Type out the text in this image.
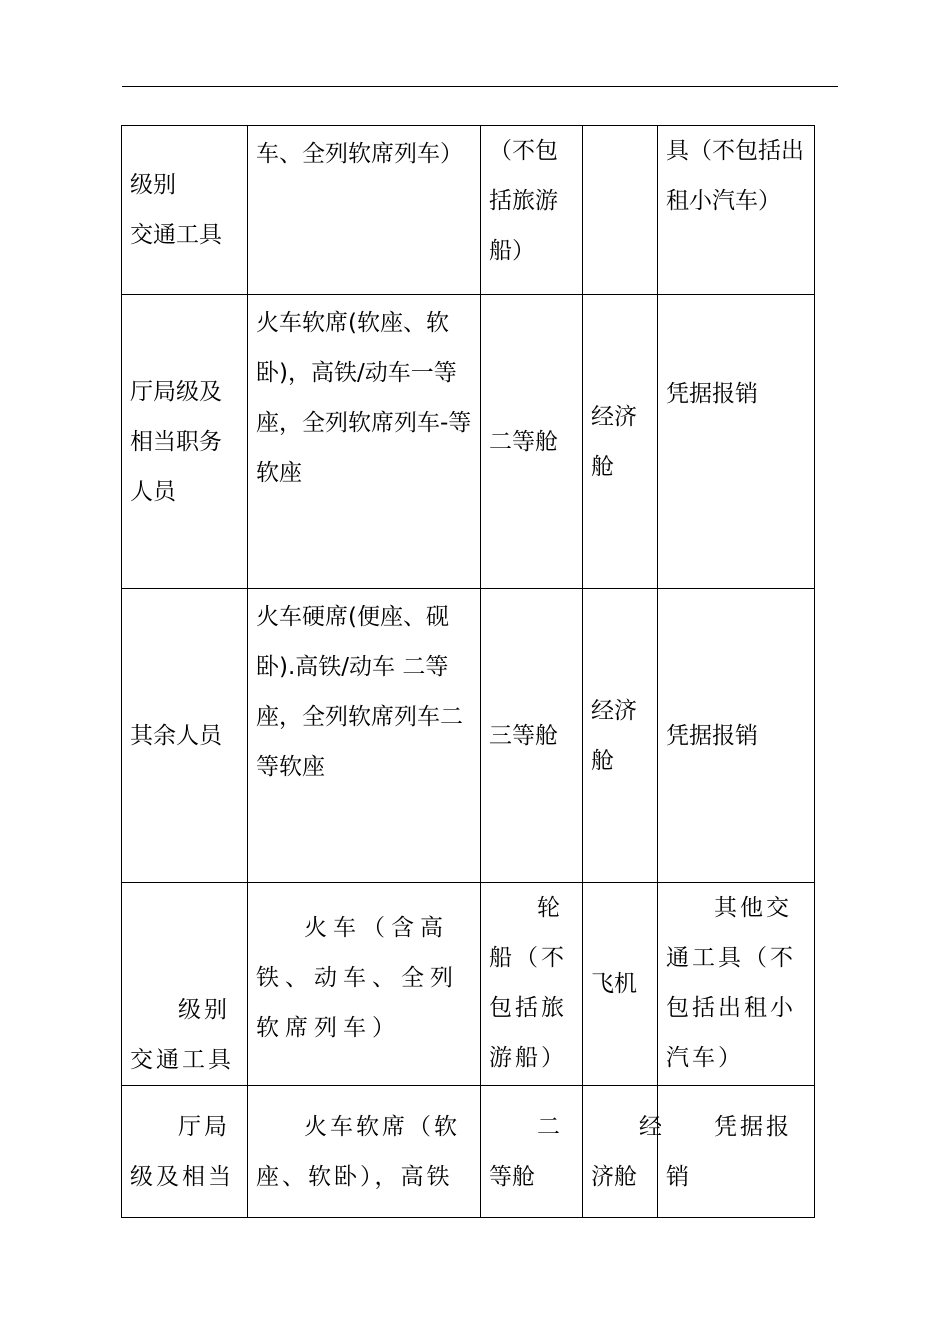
级别
交通工具	车、全列软席列车）	（不包括旅游船）		具（不包括出租小汽车）
厅局级及相当职务人员	火车软席(软座、软卧)，高铁/动车一等座，全列软席列车-等软座	二等舱	经济舱	凭据报销
其余人员	火车硬席(便座、砚卧).高铁/动车 二等座，全列软席列车二等软座	三等舱	经济舱	凭据报销
级别交通工具	火车（含高铁、动车、全列软席列车）	轮船（不包括旅游船）	飞机	其他交通工具（不包括出租小汽车）
厅局级及相当	火车软席（软座、软卧），高铁	二等舱	经济舱	凭据报销
